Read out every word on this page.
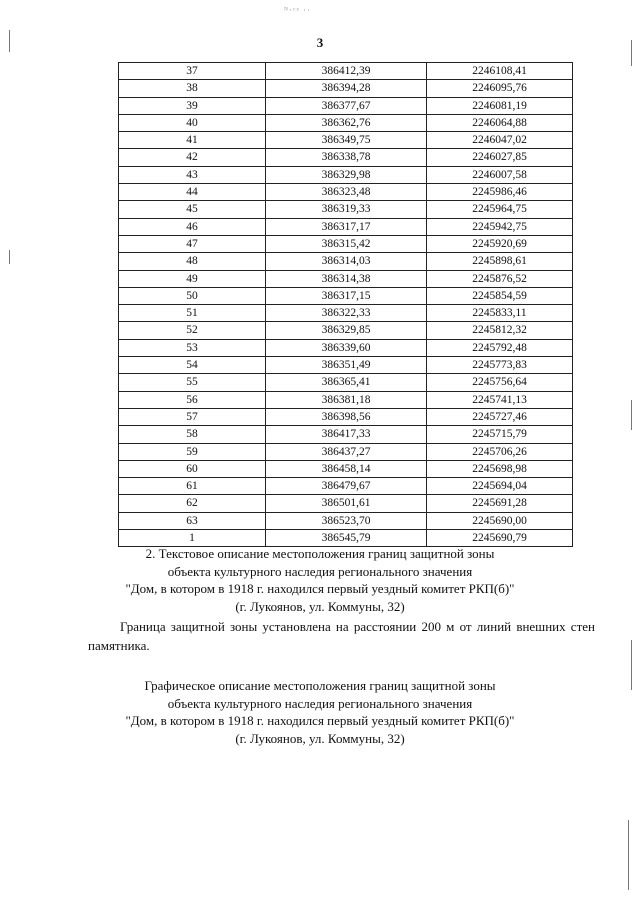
ᴺ·ᶜᶻ ··
3
37	386412,39	2246108,41
38	386394,28	2246095,76
39	386377,67	2246081,19
40	386362,76	2246064,88
41	386349,75	2246047,02
42	386338,78	2246027,85
43	386329,98	2246007,58
44	386323,48	2245986,46
45	386319,33	2245964,75
46	386317,17	2245942,75
47	386315,42	2245920,69
48	386314,03	2245898,61
49	386314,38	2245876,52
50	386317,15	2245854,59
51	386322,33	2245833,11
52	386329,85	2245812,32
53	386339,60	2245792,48
54	386351,49	2245773,83
55	386365,41	2245756,64
56	386381,18	2245741,13
57	386398,56	2245727,46
58	386417,33	2245715,79
59	386437,27	2245706,26
60	386458,14	2245698,98
61	386479,67	2245694,04
62	386501,61	2245691,28
63	386523,70	2245690,00
1	386545,79	2245690,79
2. Текстовое описание местоположения границ защитной зоны
объекта культурного наследия регионального значения
"Дом, в котором в 1918 г. находился первый уездный комитет РКП(б)"
(г. Лукоянов, ул. Коммуны, 32)
Граница защитной зоны установлена на расстоянии 200 м от линий внешних стен памятника.
Графическое описание местоположения границ защитной зоны
объекта культурного наследия регионального значения
"Дом, в котором в 1918 г. находился первый уездный комитет РКП(б)"
(г. Лукоянов, ул. Коммуны, 32)
